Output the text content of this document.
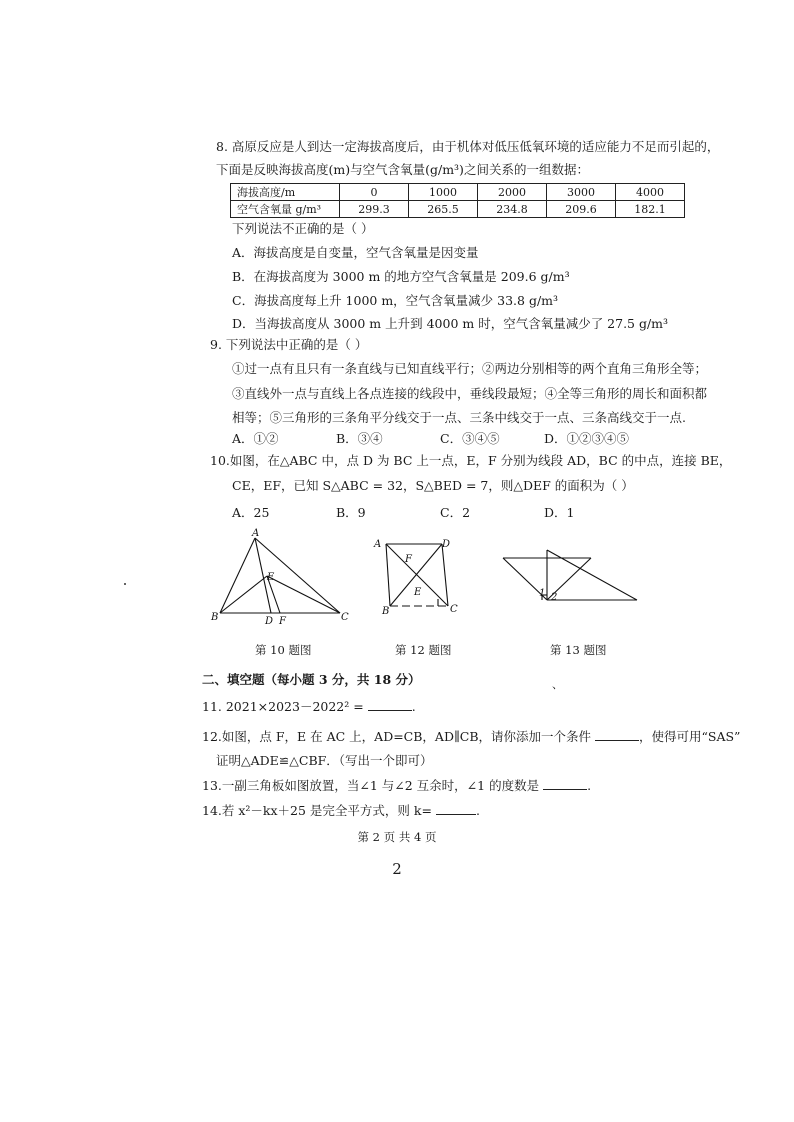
8. 高原反应是人到达一定海拔高度后，由于机体对低压低氧环境的适应能力不足而引起的，
下面是反映海拔高度(m)与空气含氧量(g/m³)之间关系的一组数据：
海拔高度/m	0	1000	2000	3000	4000
空气含氧量 g/m³	299.3	265.5	234.8	209.6	182.1
下列说法不正确的是（ ）
A．海拔高度是自变量，空气含氧量是因变量
B．在海拔高度为 3000 m 的地方空气含氧量是 209.6 g/m³
C．海拔高度每上升 1000 m，空气含氧量减少 33.8 g/m³
D．当海拔高度从 3000 m 上升到 4000 m 时，空气含氧量减少了 27.5 g/m³
9. 下列说法中正确的是（ ）
①过一点有且只有一条直线与已知直线平行；②两边分别相等的两个直角三角形全等；
③直线外一点与直线上各点连接的线段中，垂线段最短；④全等三角形的周长和面积都
相等；⑤三角形的三条角平分线交于一点、三条中线交于一点、三条高线交于一点.
A．①②	B．③④	C．③④⑤	D．①②③④⑤
10.如图，在△ABC 中，点 D 为 BC 上一点，E，F 分别为线段 AD，BC 的中点，连接 BE，
CE，EF，已知 S△ABC = 32，S△BED = 7，则△DEF 的面积为（ ）
A．25	B．9	C．2	D．1
A
B	C
D F
E
第 10 题图
A	D
F
E
B	C
第 12 题图
1 2
第 13 题图
二、填空题（每小题 3 分，共 18 分）	、
11. 2021×2023－2022² =	.
12.如图，点 F，E 在 AC 上，AD=CB，AD∥CB，请你添加一个条件	，使得可用“SAS”
证明△ADE≌△CBF．（写出一个即可）
13.一副三角板如图放置，当∠1 与∠2 互余时，∠1 的度数是	.
14.若 x²－kx＋25 是完全平方式，则 k=	.
第 2 页 共 4 页
2
